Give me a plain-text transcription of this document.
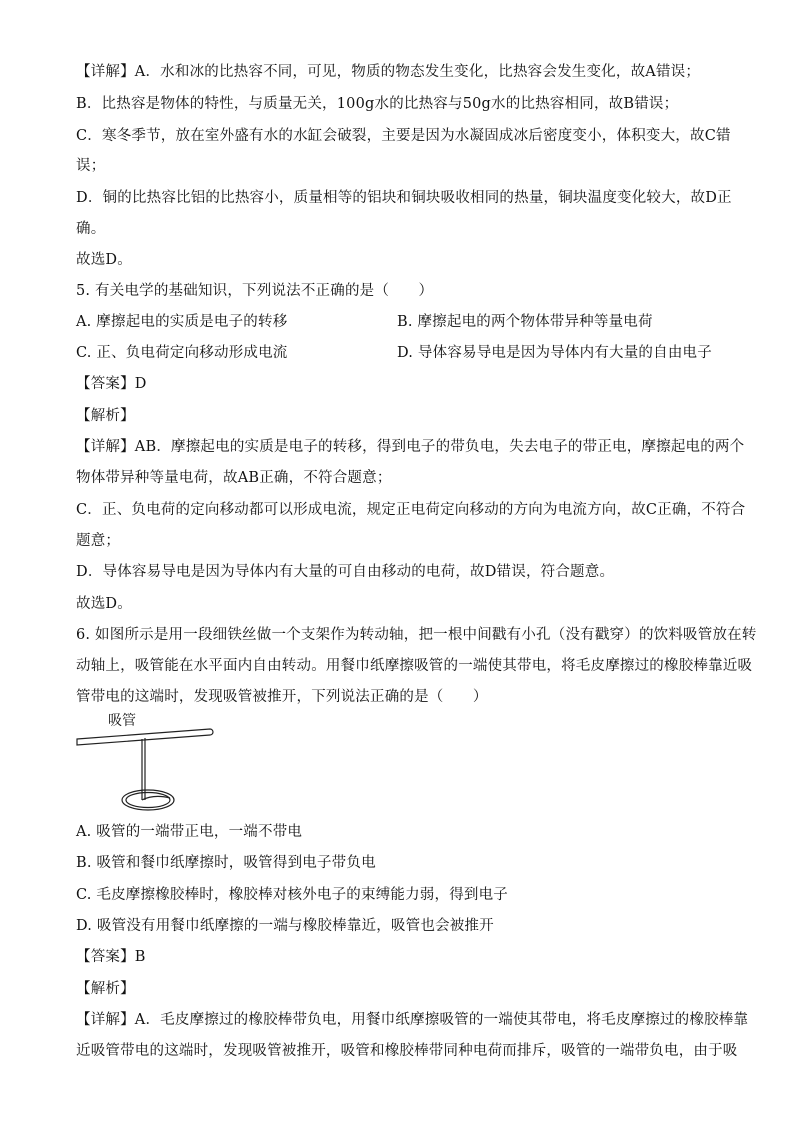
【详解】A．水和冰的比热容不同，可见，物质的物态发生变化，比热容会发生变化，故A错误；
B．比热容是物体的特性，与质量无关，100g水的比热容与50g水的比热容相同，故B错误；
C．寒冬季节，放在室外盛有水的水缸会破裂，主要是因为水凝固成冰后密度变小，体积变大，故C错
误；
D．铜的比热容比铝的比热容小，质量相等的铝块和铜块吸收相同的热量，铜块温度变化较大，故D正
确。
故选D。
5. 有关电学的基础知识，下列说法不正确的是（　　）
A. 摩擦起电的实质是电子的转移	B. 摩擦起电的两个物体带异种等量电荷
C. 正、负电荷定向移动形成电流	D. 导体容易导电是因为导体内有大量的自由电子
【答案】D
【解析】
【详解】AB．摩擦起电的实质是电子的转移，得到电子的带负电，失去电子的带正电，摩擦起电的两个
物体带异种等量电荷，故AB正确，不符合题意；
C．正、负电荷的定向移动都可以形成电流，规定正电荷定向移动的方向为电流方向，故C正确，不符合
题意；
D．导体容易导电是因为导体内有大量的可自由移动的电荷，故D错误，符合题意。
故选D。
6. 如图所示是用一段细铁丝做一个支架作为转动轴，把一根中间戳有小孔（没有戳穿）的饮料吸管放在转
动轴上，吸管能在水平面内自由转动。用餐巾纸摩擦吸管的一端使其带电，将毛皮摩擦过的橡胶棒靠近吸
管带电的这端时，发现吸管被推开，下列说法正确的是（　　）
吸管
A. 吸管的一端带正电，一端不带电
B. 吸管和餐巾纸摩擦时，吸管得到电子带负电
C. 毛皮摩擦橡胶棒时，橡胶棒对核外电子的束缚能力弱，得到电子
D. 吸管没有用餐巾纸摩擦的一端与橡胶棒靠近，吸管也会被推开
【答案】B
【解析】
【详解】A．毛皮摩擦过的橡胶棒带负电，用餐巾纸摩擦吸管的一端使其带电，将毛皮摩擦过的橡胶棒靠
近吸管带电的这端时，发现吸管被推开，吸管和橡胶棒带同种电荷而排斥，吸管的一端带负电，由于吸
